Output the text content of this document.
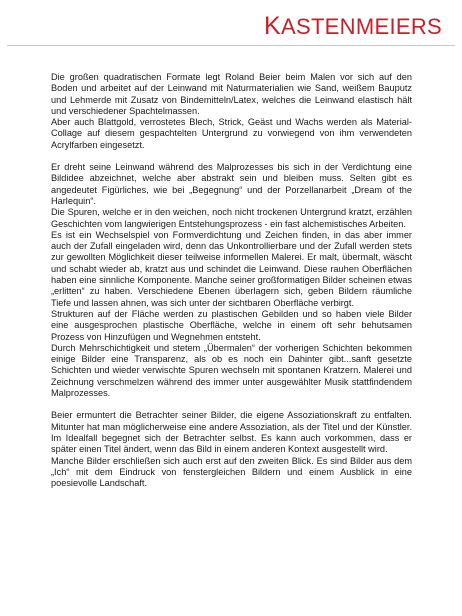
KASTENMEIERS

Die großen quadratischen Formate legt Roland Beier beim Malen vor sich auf den Boden und arbeitet auf der Leinwand mit Naturmaterialien wie Sand, weißem Bauputz und Lehmerde mit Zusatz von Bindemitteln/Latex, welches die Leinwand elastisch hält und verschiedener Spachtelmassen.

Aber auch Blattgold, verrostetes Blech, Strick, Geäst und Wachs werden als Material-Collage auf diesem gespachtelten Untergrund zu vorwiegend von ihm verwendeten Acrylfarben eingesetzt.

Er dreht seine Leinwand während des Malprozesses bis sich in der Verdichtung eine Bildidee abzeichnet, welche aber abstrakt sein und bleiben muss. Selten gibt es angedeutet Figürliches, wie bei „Begegnung“ und der Porzellanarbeit „Dream of the Harlequin“.

Die Spuren, welche er in den weichen, noch nicht trockenen Untergrund kratzt, erzählen Geschichten vom langwierigen Entstehungsprozess - ein fast alchemistisches Arbeiten.

Es ist ein Wechselspiel von Formverdichtung und Zeichen finden, in das aber immer auch der Zufall eingeladen wird, denn das Unkontrollierbare und der Zufall werden stets zur gewollten Möglichkeit dieser teilweise informellen Malerei. Er malt, übermalt, wäscht und schabt wieder ab, kratzt aus und schindet die Leinwand. Diese rauhen Oberflächen haben eine sinnliche Komponente. Manche seiner großformatigen Bilder scheinen etwas „erlitten“ zu haben. Verschiedene Ebenen überlagern sich, geben Bildern räumliche Tiefe und lassen ahnen, was sich unter der sichtbaren Oberfläche verbirgt.

Strukturen auf der Fläche werden zu plastischen Gebilden und so haben viele Bilder eine ausgesprochen plastische Oberfläche, welche in einem oft sehr behutsamen Prozess von Hinzufügen und Wegnehmen entsteht.

Durch Mehrschichtigkeit und stetem „Übermalen“ der vorherigen Schichten bekommen einige Bilder eine Transparenz, als ob es noch ein Dahinter gibt...sanft gesetzte Schichten und wieder verwischte Spuren wechseln mit spontanen Kratzern. Malerei und Zeichnung verschmelzen während des immer unter ausgewählter Musik stattfindendem Malprozesses.

Beier ermuntert die Betrachter seiner Bilder, die eigene Assoziationskraft zu entfalten. Mitunter hat man möglicherweise eine andere Assoziation, als der Titel und der Künstler. Im Idealfall begegnet sich der Betrachter selbst. Es kann auch vorkommen, dass er später einen Titel ändert, wenn das Bild in einem anderen Kontext ausgestellt wird.

Manche Bilder erschließen sich auch erst auf den zweiten Blick. Es sind Bilder aus dem „Ich“ mit dem Eindruck von fenstergleichen Bildern und einem Ausblick in eine poesievolle Landschaft.
